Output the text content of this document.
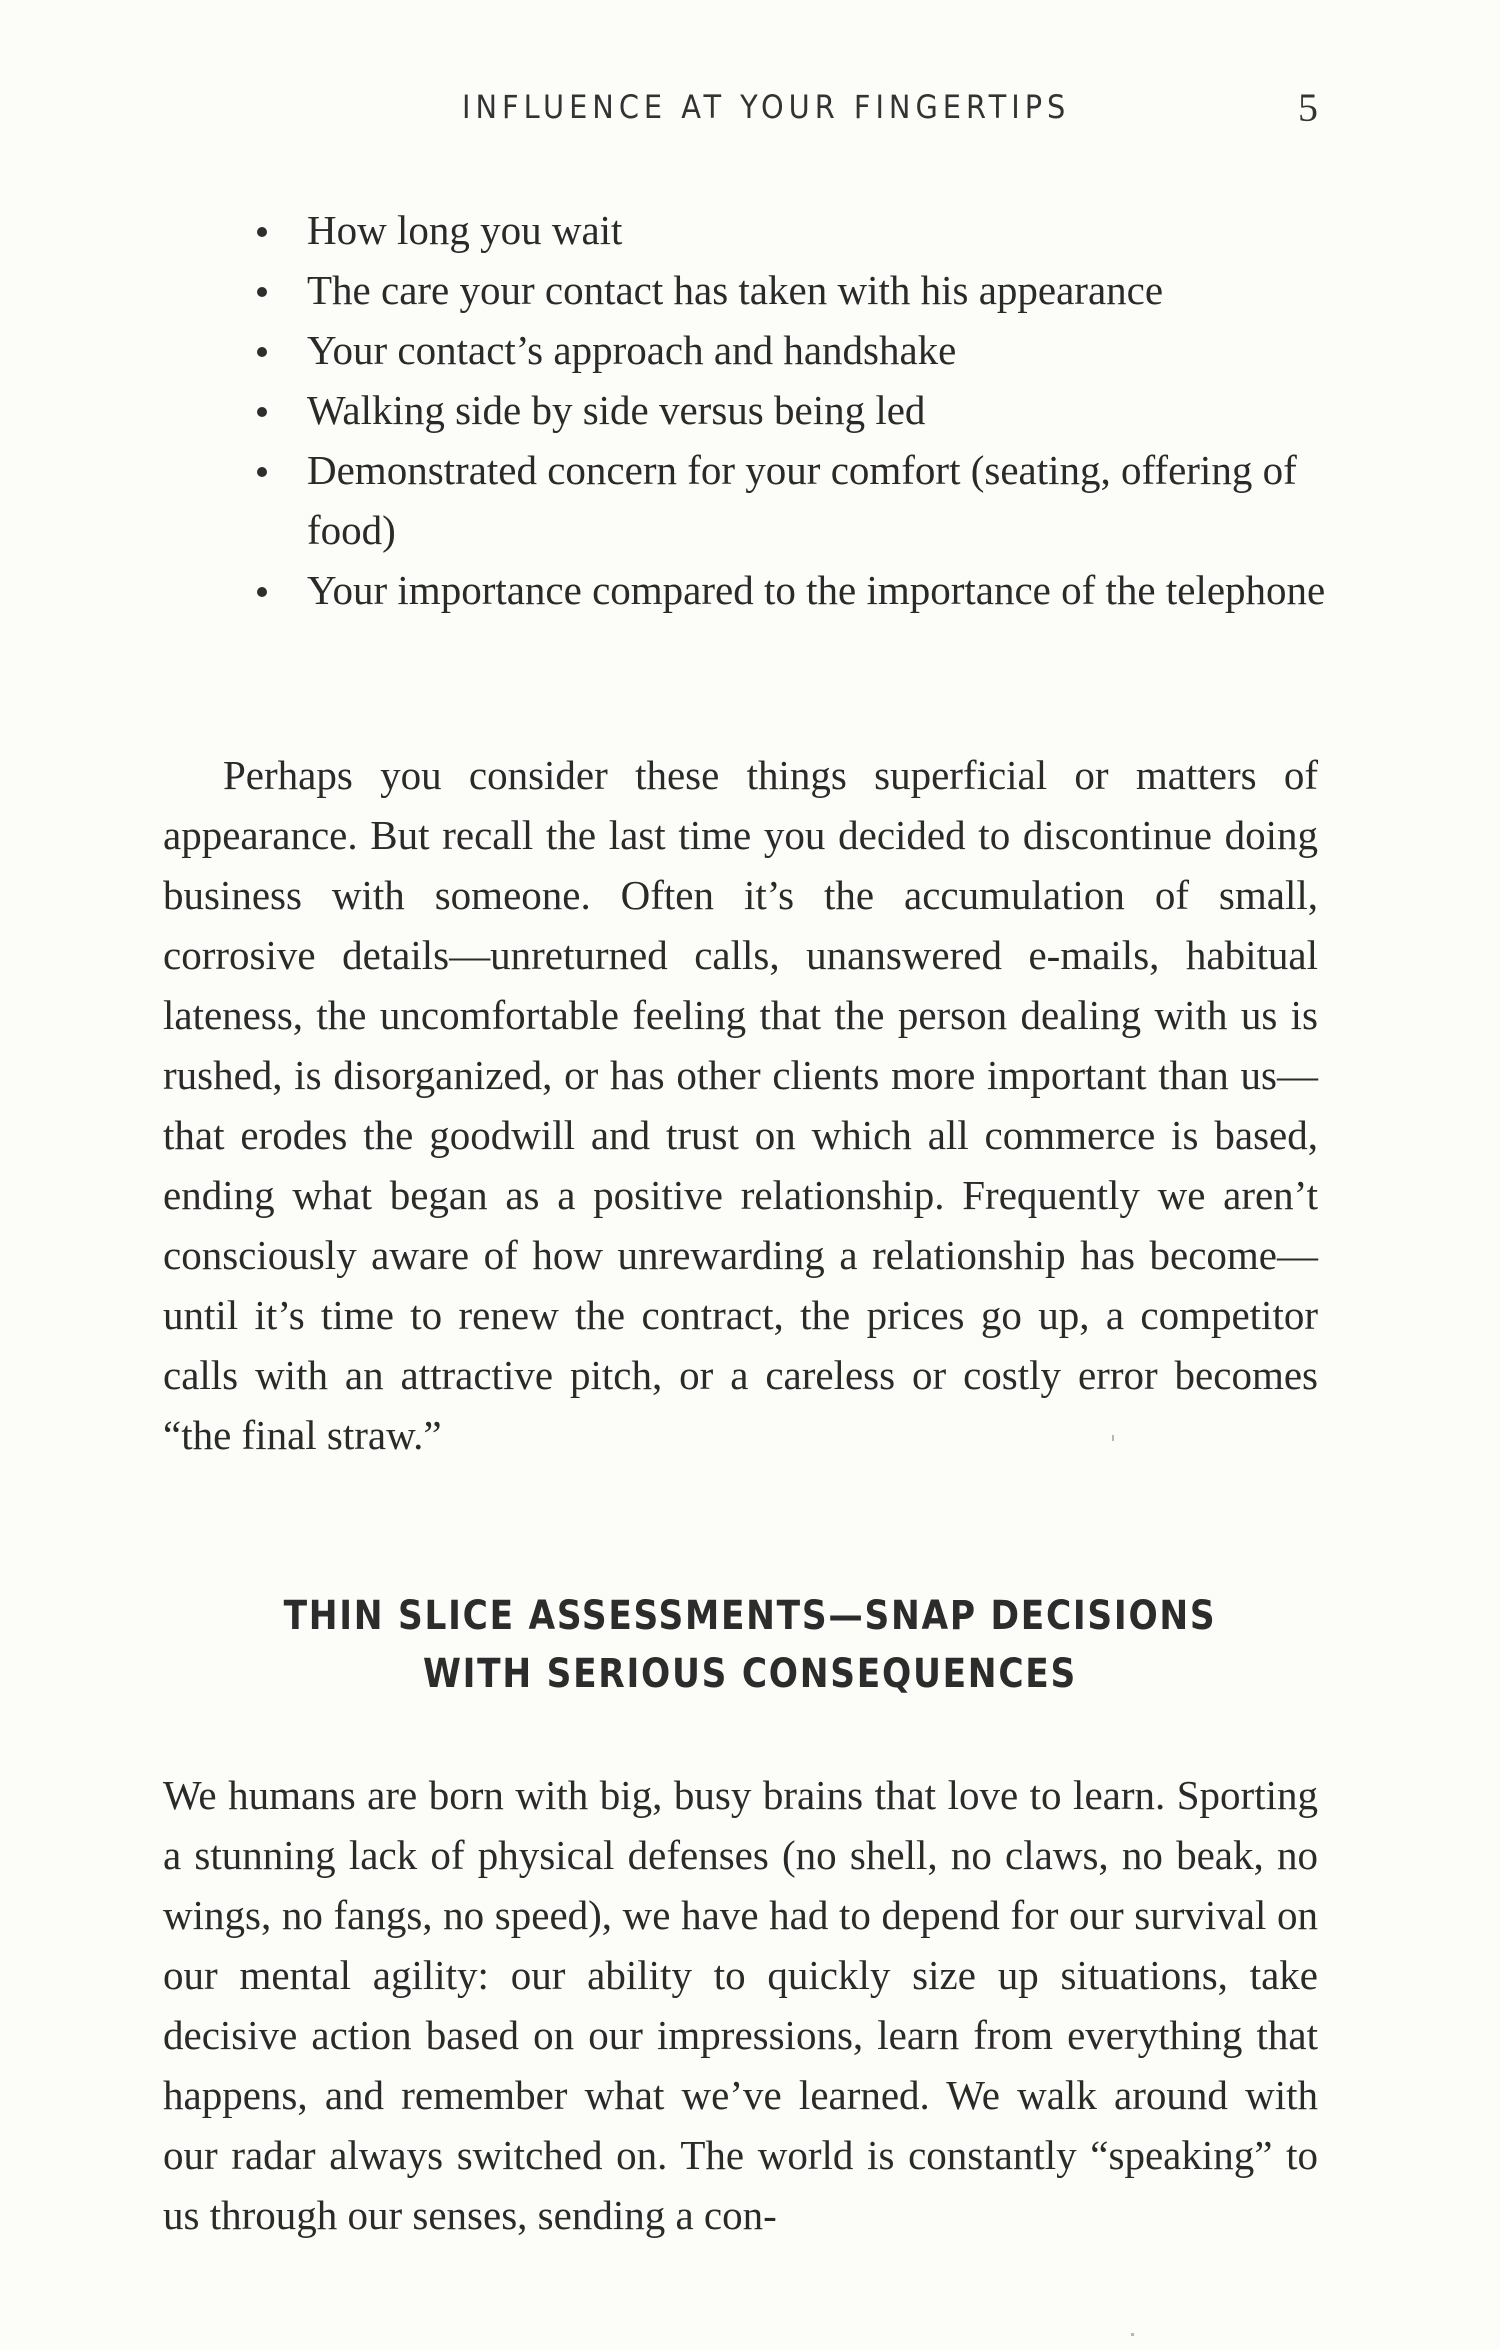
INFLUENCE AT YOUR FINGERTIPS	5
How long you wait
The care your contact has taken with his appearance
Your contact’s approach and handshake
Walking side by side versus being led
Demonstrated concern for your comfort (seating, offering of food)
Your importance compared to the importance of the telephone

Perhaps you consider these things superficial or matters of appearance. But recall the last time you decided to discontinue doing business with someone. Often it’s the accumulation of small, corrosive details—unreturned calls, unanswered e-mails, habitual lateness, the uncomfortable feeling that the person dealing with us is rushed, is disorganized, or has other clients more important than us—that erodes the goodwill and trust on which all commerce is based, ending what began as a positive relationship. Frequently we aren’t consciously aware of how unrewarding a relationship has become—until it’s time to renew the contract, the prices go up, a competitor calls with an attractive pitch, or a careless or costly error becomes “the final straw.”

THIN SLICE ASSESSMENTS—SNAP DECISIONS WITH SERIOUS CONSEQUENCES

We humans are born with big, busy brains that love to learn. Sporting a stunning lack of physical defenses (no shell, no claws, no beak, no wings, no fangs, no speed), we have had to depend for our survival on our mental agility: our ability to quickly size up situations, take decisive action based on our impressions, learn from everything that happens, and remember what we’ve learned. We walk around with our radar always switched on. The world is constantly “speaking” to us through our senses, sending a con-
